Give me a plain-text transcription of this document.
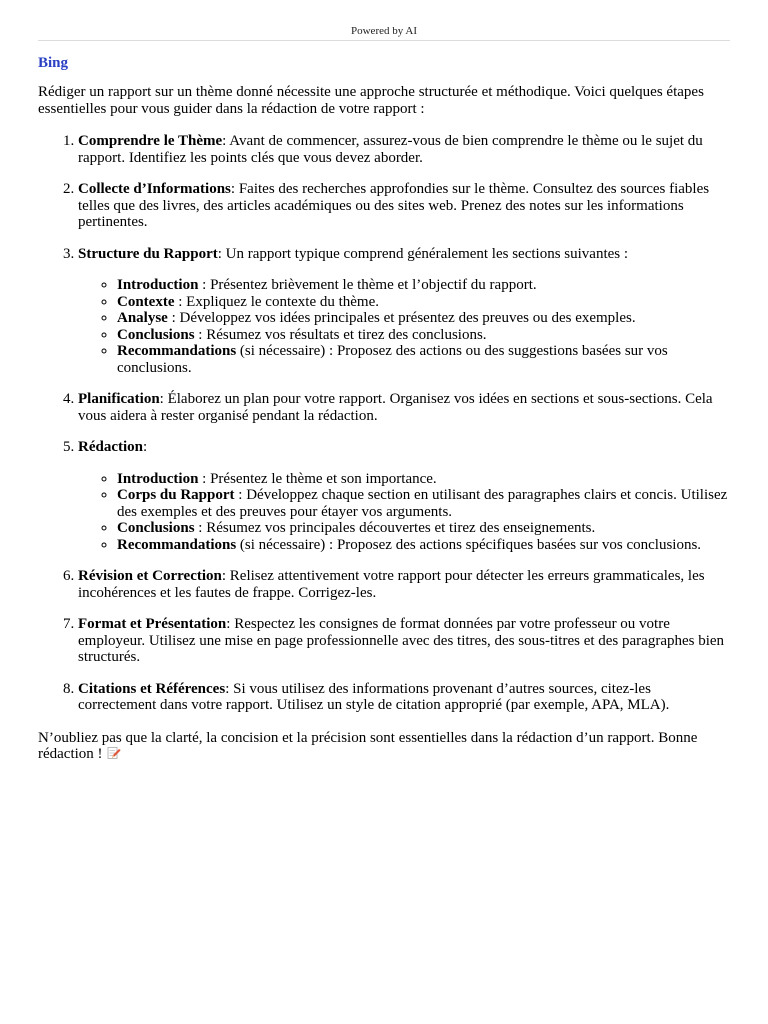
Powered by AI
Bing

Rédiger un rapport sur un thème donné nécessite une approche structurée et méthodique. Voici quelques étapes essentielles pour vous guider dans la rédaction de votre rapport :

1. Comprendre le Thème: Avant de commencer, assurez-vous de bien comprendre le thème ou le sujet du rapport. Identifiez les points clés que vous devez aborder.
2. Collecte d’Informations: Faites des recherches approfondies sur le thème. Consultez des sources fiables telles que des livres, des articles académiques ou des sites web. Prenez des notes sur les informations pertinentes.
3. Structure du Rapport: Un rapport typique comprend généralement les sections suivantes :
◦ Introduction : Présentez brièvement le thème et l’objectif du rapport.
◦ Contexte : Expliquez le contexte du thème.
◦ Analyse : Développez vos idées principales et présentez des preuves ou des exemples.
◦ Conclusions : Résumez vos résultats et tirez des conclusions.
◦ Recommandations (si nécessaire) : Proposez des actions ou des suggestions basées sur vos conclusions.
4. Planification: Élaborez un plan pour votre rapport. Organisez vos idées en sections et sous-sections. Cela vous aidera à rester organisé pendant la rédaction.
5. Rédaction:
◦ Introduction : Présentez le thème et son importance.
◦ Corps du Rapport : Développez chaque section en utilisant des paragraphes clairs et concis. Utilisez des exemples et des preuves pour étayer vos arguments.
◦ Conclusions : Résumez vos principales découvertes et tirez des enseignements.
◦ Recommandations (si nécessaire) : Proposez des actions spécifiques basées sur vos conclusions.
6. Révision et Correction: Relisez attentivement votre rapport pour détecter les erreurs grammaticales, les incohérences et les fautes de frappe. Corrigez-les.
7. Format et Présentation: Respectez les consignes de format données par votre professeur ou votre employeur. Utilisez une mise en page professionnelle avec des titres, des sous-titres et des paragraphes bien structurés.
8. Citations et Références: Si vous utilisez des informations provenant d’autres sources, citez-les correctement dans votre rapport. Utilisez un style de citation approprié (par exemple, APA, MLA).

N’oubliez pas que la clarté, la concision et la précision sont essentielles dans la rédaction d’un rapport. Bonne rédaction !
